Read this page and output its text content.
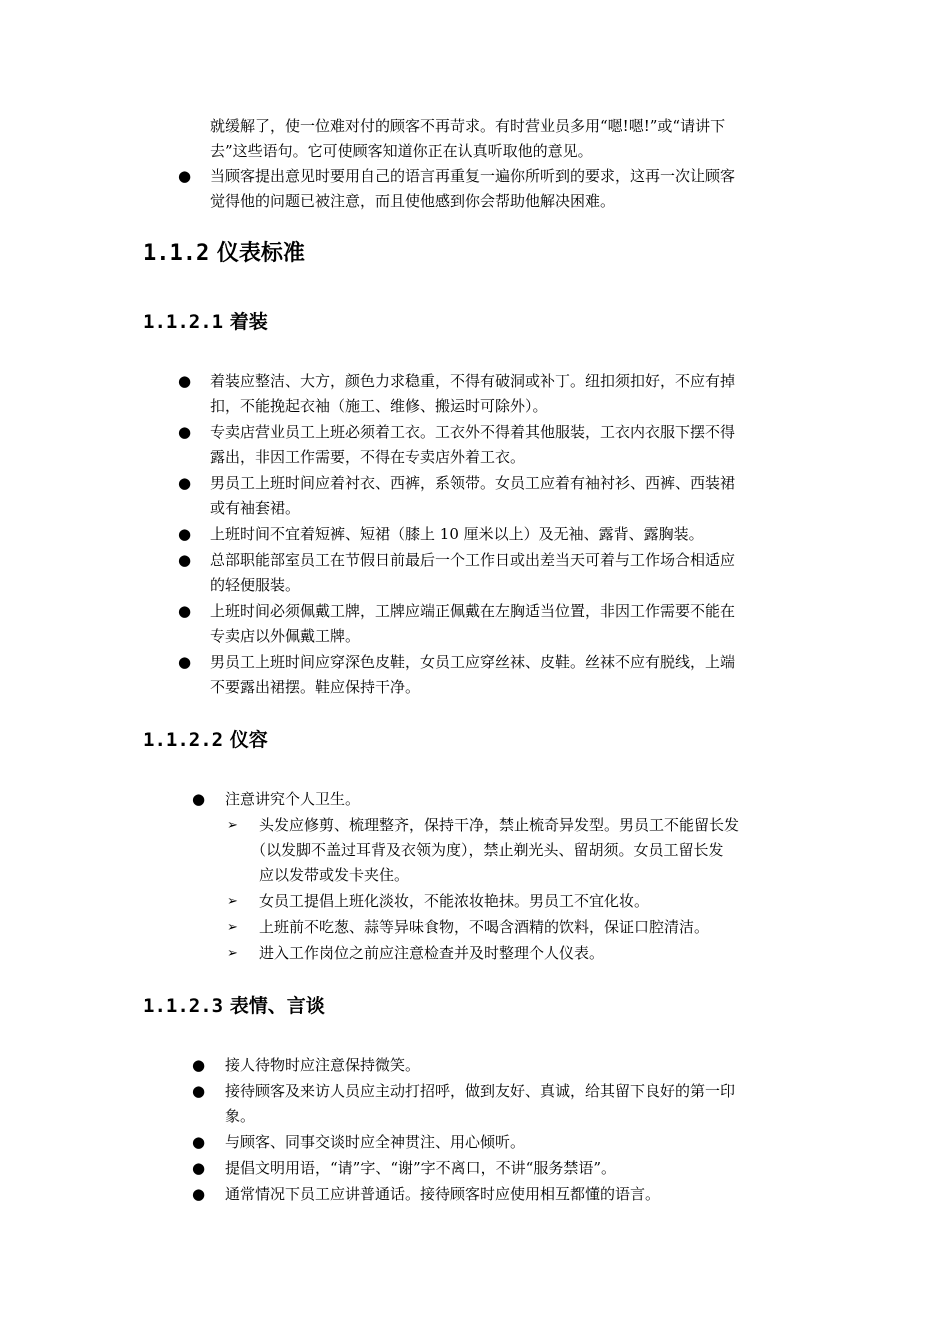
就缓解了，使一位难对付的顾客不再苛求。有时营业员多用“嗯!嗯!”或“请讲下

去”这些语句。它可使顾客知道你正在认真听取他的意见。

● 当顾客提出意见时要用自己的语言再重复一遍你所听到的要求，这再一次让顾客

觉得他的问题已被注意，而且使他感到你会帮助他解决困难。

1.1.2 仪表标准
1.1.2.1 着装
● 着装应整洁、大方，颜色力求稳重，不得有破洞或补丁。纽扣须扣好，不应有掉

扣，不能挽起衣袖（施工、维修、搬运时可除外）。

● 专卖店营业员工上班必须着工衣。工衣外不得着其他服装，工衣内衣服下摆不得

露出，非因工作需要，不得在专卖店外着工衣。

● 男员工上班时间应着衬衣、西裤，系领带。女员工应着有袖衬衫、西裤、西装裙

或有袖套裙。

● 上班时间不宜着短裤、短裙（膝上 10 厘米以上）及无袖、露背、露胸装。

● 总部职能部室员工在节假日前最后一个工作日或出差当天可着与工作场合相适应

的轻便服装。

● 上班时间必须佩戴工牌，工牌应端正佩戴在左胸适当位置，非因工作需要不能在

专卖店以外佩戴工牌。

● 男员工上班时间应穿深色皮鞋，女员工应穿丝袜、皮鞋。丝袜不应有脱线，上端

不要露出裙摆。鞋应保持干净。

1.1.2.2 仪容
● 注意讲究个人卫生。

➢ 头发应修剪、梳理整齐，保持干净，禁止梳奇异发型。男员工不能留长发

（以发脚不盖过耳背及衣领为度），禁止剃光头、留胡须。女员工留长发

应以发带或发卡夹住。

➢ 女员工提倡上班化淡妆，不能浓妆艳抹。男员工不宜化妆。

➢ 上班前不吃葱、蒜等异味食物，不喝含酒精的饮料，保证口腔清洁。

➢ 进入工作岗位之前应注意检查并及时整理个人仪表。

1.1.2.3 表情、言谈
● 接人待物时应注意保持微笑。

● 接待顾客及来访人员应主动打招呼，做到友好、真诚，给其留下良好的第一印

象。

● 与顾客、同事交谈时应全神贯注、用心倾听。

● 提倡文明用语，“请”字、“谢”字不离口，不讲“服务禁语”。

● 通常情况下员工应讲普通话。接待顾客时应使用相互都懂的语言。
